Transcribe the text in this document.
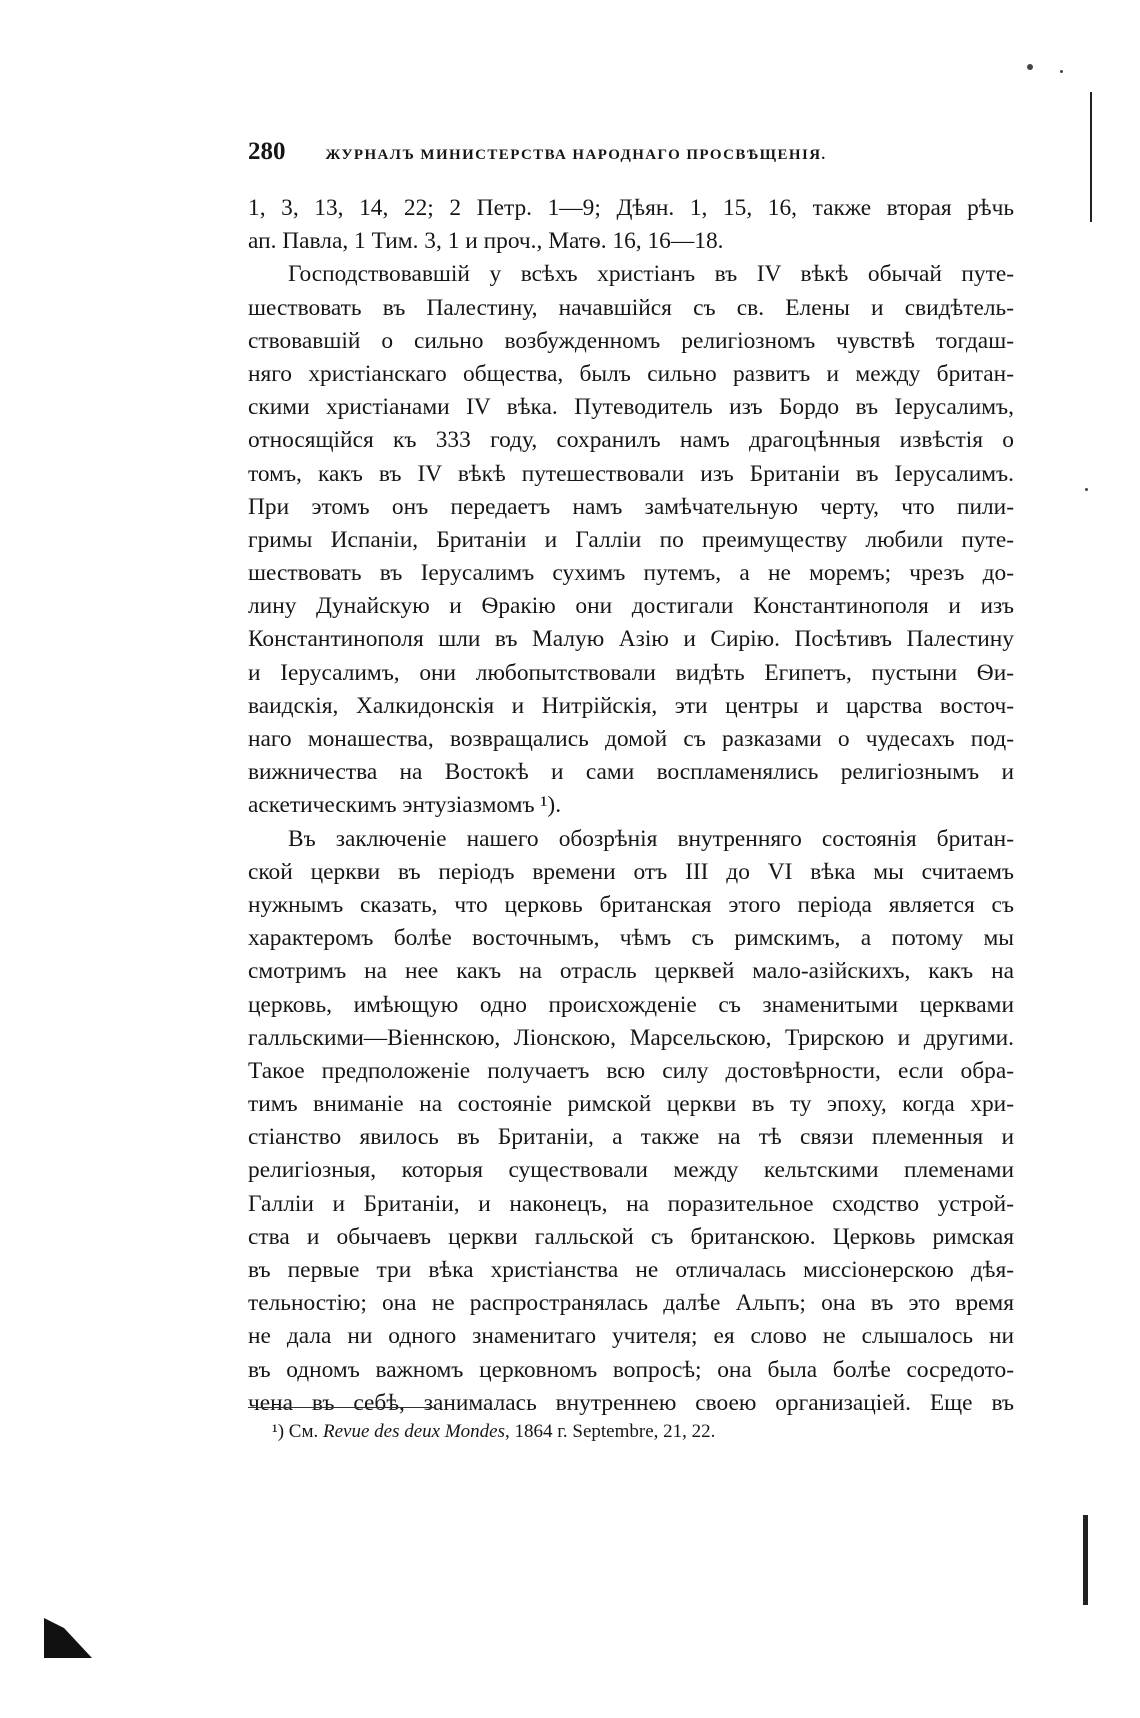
280	ЖУРНАЛЪ МИНИСТЕРСТВА НАРОДНАГО ПРОСВѢЩЕНІЯ.
1, 3, 13, 14, 22; 2 Петр. 1—9; Дѣян. 1, 15, 16, также вторая рѣчь
ап. Павла, 1 Тим. 3, 1 и проч., Матѳ. 16, 16—18.
Господствовавшій у всѣхъ христіанъ въ IV вѣкѣ обычай путе-
шествовать въ Палестину, начавшійся съ св. Елены и свидѣтель-
ствовавшій о сильно возбужденномъ религіозномъ чувствѣ тогдаш-
няго христіанскаго общества, былъ сильно развитъ и между британ-
скими христіанами IV вѣка. Путеводитель изъ Бордо въ Іерусалимъ,
относящійся къ 333 году, сохранилъ намъ драгоцѣнныя извѣстія о
томъ, какъ въ IV вѣкѣ путешествовали изъ Британіи въ Іерусалимъ.
При этомъ онъ передаетъ намъ замѣчательную черту, что пили-
гримы Испаніи, Британіи и Галліи по преимуществу любили путе-
шествовать въ Іерусалимъ сухимъ путемъ, а не моремъ; чрезъ до-
лину Дунайскую и Ѳракію они достигали Константинополя и изъ
Константинополя шли въ Малую Азію и Сирію. Посѣтивъ Палестину
и Іерусалимъ, они любопытствовали видѣть Египетъ, пустыни Ѳи-
ваидскія, Халкидонскія и Нитрійскія, эти центры и царства восточ-
наго монашества, возвращались домой съ разказами о чудесахъ под-
вижничества на Востокѣ и сами воспламенялись религіознымъ и
аскетическимъ энтузіазмомъ ¹).
Въ заключеніе нашего обозрѣнія внутренняго состоянія британ-
ской церкви въ періодъ времени отъ III до VI вѣка мы считаемъ
нужнымъ сказать, что церковь британская этого періода является съ
характеромъ болѣе восточнымъ, чѣмъ съ римскимъ, а потому мы
смотримъ на нее какъ на отрасль церквей мало-азійскихъ, какъ на
церковь, имѣющую одно происхожденіе съ знаменитыми церквами
галльскими—Віеннскою, Ліонскою, Марсельскою, Трирскою и другими.
Такое предположеніе получаетъ всю силу достовѣрности, если обра-
тимъ вниманіе на состояніе римской церкви въ ту эпоху, когда хри-
стіанство явилось въ Британіи, а также на тѣ связи племенныя и
религіозныя, которыя существовали между кельтскими племенами
Галліи и Британіи, и наконецъ, на поразительное сходство устрой-
ства и обычаевъ церкви галльской съ британскою. Церковь римская
въ первые три вѣка христіанства не отличалась миссіонерскою дѣя-
тельностію; она не распространялась далѣе Альпъ; она въ это время
не дала ни одного знаменитаго учителя; ея слово не слышалось ни
въ одномъ важномъ церковномъ вопросѣ; она была болѣе сосредото-
чена въ себѣ, занималась внутреннею своею организаціей. Еще въ
¹) См. Revue des deux Mondes, 1864 г. Septembre, 21, 22.
